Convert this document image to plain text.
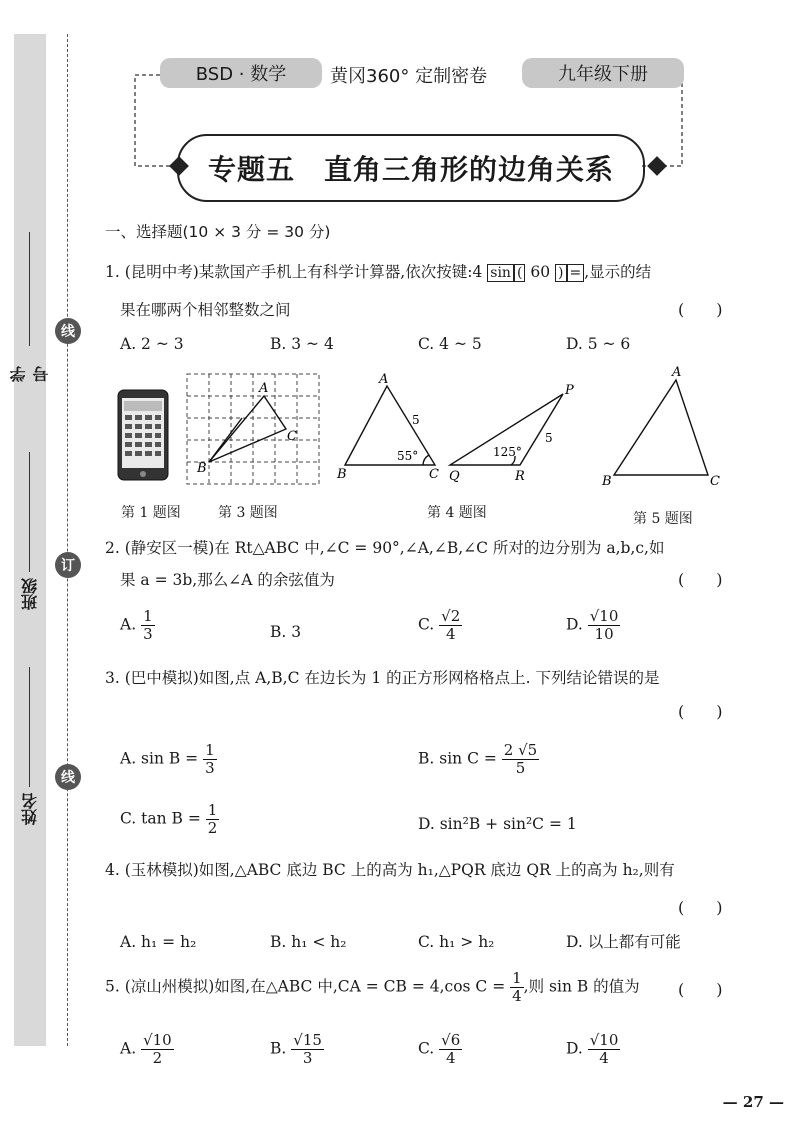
学号
班级
姓名
线
订
线
BSD · 数学	黄冈360° 定制密卷	九年级下册
专题五　直角三角形的边角关系
一、选择题(10 × 3 分 = 30 分)
1. (昆明中考)某款国产手机上有科学计算器,依次按键:4 sin ( 60 ) = ,显示的结
果在哪两个相邻整数之间	(　　)
A. 2 ~ 3	B. 3 ~ 4	C. 4 ~ 5	D. 5 ~ 6
A
B
C
A
B	C
5
55°
P
Q	R
5
125°
A
B	C
第 1 题图	第 3 题图	第 4 题图	第 5 题图
2. (静安区一模)在 Rt△ABC 中,∠C = 90°,∠A,∠B,∠C 所对的边分别为 a,b,c,如
果 a = 3b,那么∠A 的余弦值为	(　　)
A. $\frac{1}{3}$	B. 3	C. $\frac{√2}{4}$	D. $\frac{√10}{10}$
3. (巴中模拟)如图,点 A,B,C 在边长为 1 的正方形网格格点上. 下列结论错误的是
(　　)
A. $\sin B = \frac{1}{3}$	B. $\sin C = \frac{2 √5}{5}$
C. $\tan B = \frac{1}{2}$	D. sin²B + sin²C = 1
4. (玉林模拟)如图,△ABC 底边 BC 上的高为 h₁,△PQR 底边 QR 上的高为 h₂,则有
(　　)
A. h₁ = h₂	B. h₁ < h₂	C. h₁ > h₂	D. 以上都有可能
5. (凉山州模拟)如图,在△ABC 中,CA = CB = 4,cos $C = \frac{1}{4}$ ,则 sin B 的值为 (　　)
A. $\frac{√10}{2}$	B. $\frac{√15}{3}$	C. $\frac{√6}{4}$	D. $\frac{√10}{4}$
— 27 —
